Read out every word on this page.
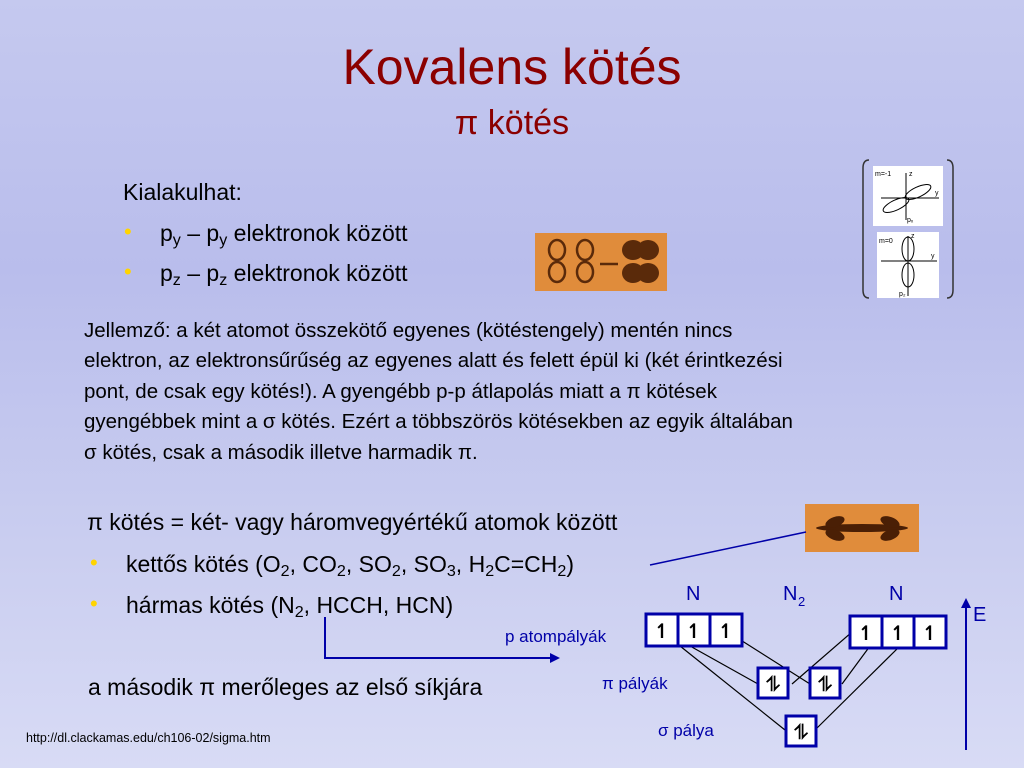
Kovalens kötés
π kötés
Kialakulhat:
• $p_y - p_y$ elektronok között
• $p_z - p_z$ elektronok között
m=-1	z
y
pₓ
m=0
z
y
p₂
Jellemző: a két atomot összekötő egyenes (kötéstengely) mentén nincs
elektron, az elektronsűrűség az egyenes alatt és felett épül ki (két érintkezési
pont, de csak egy kötés!). A gyengébb p-p átlapolás miatt a π kötések
gyengébbek mint a σ kötés. Ezért a többszörös kötésekben az egyik általában
σ kötés, csak a második illetve harmadik π.
π kötés = két- vagy háromvegyértékű atomok között
• kettős kötés ($O_2$, $CO_2$, $SO_2$, $SO_3$, $H_2C=CH_2$)
• hármas kötés ($N_2$, HCCH, HCN)
a második π merőleges az első síkjára
↿ ↿ ↿	↿ ↿ ↿
⥮ ⥮
⥮
N	N 2	N
E
p atompályák
π pályák
σ pálya
http://dl.clackamas.edu/ch106-02/sigma.htm
